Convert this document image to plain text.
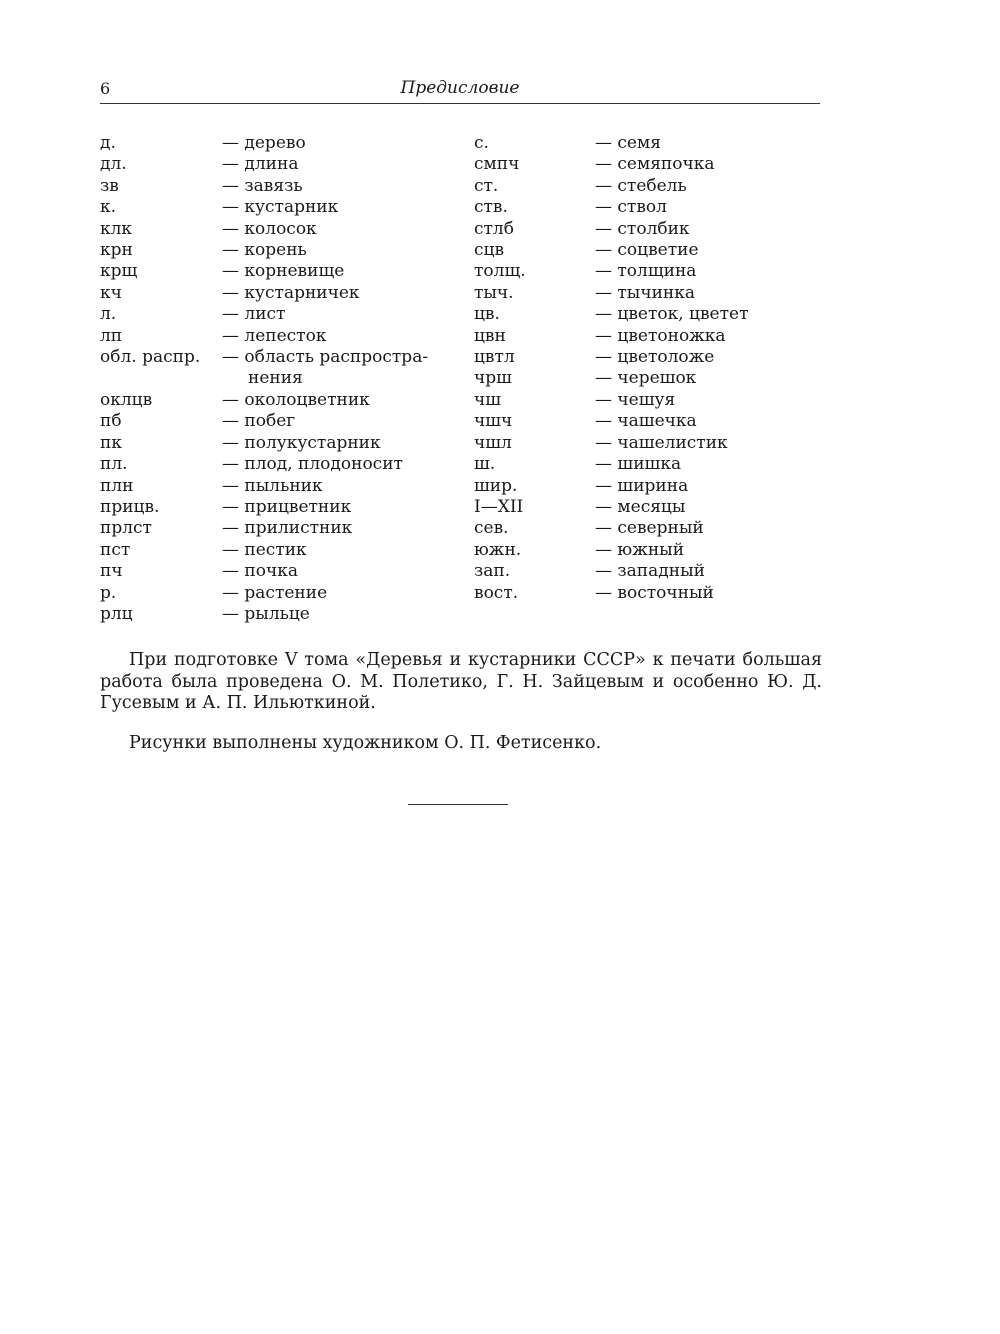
6	Предисловие
д.	— дерево
дл.	— длина
зв	— завязь
к.	— кустарник
клк	— колосок
крн	— корень
крщ	— корневище
кч	— кустарничек
л.	— лист
лп	— лепесток
обл. распр.	— область распростра-
нения
оклцв	— околоцветник
пб	— побег
пк	— полукустарник
пл.	— плод, плодоносит
плн	— пыльник
прицв.	— прицветник
прлст	— прилистник
пст	— пестик
пч	— почка
р.	— растение
рлц	— рыльце
с.	— семя
смпч	— семяпочка
ст.	— стебель
ств.	— ствол
стлб	— столбик
сцв	— соцветие
толщ.	— толщина
тыч.	— тычинка
цв.	— цветок, цветет
цвн	— цветоножка
цвтл	— цветоложе
чрш	— черешок
чш	— чешуя
чшч	— чашечка
чшл	— чашелистик
ш.	— шишка
шир.	— ширина
I—XII	— месяцы
сев.	— северный
южн.	— южный
зап.	— западный
вост.	— восточный

При подготовке V тома «Деревья и кустарники СССР» к печати большая работа была проведена О. М. Полетико, Г. Н. Зайцевым и особенно Ю. Д. Гусевым и А. П. Ильюткиной.

Рисунки выполнены художником О. П. Фетисенко.
